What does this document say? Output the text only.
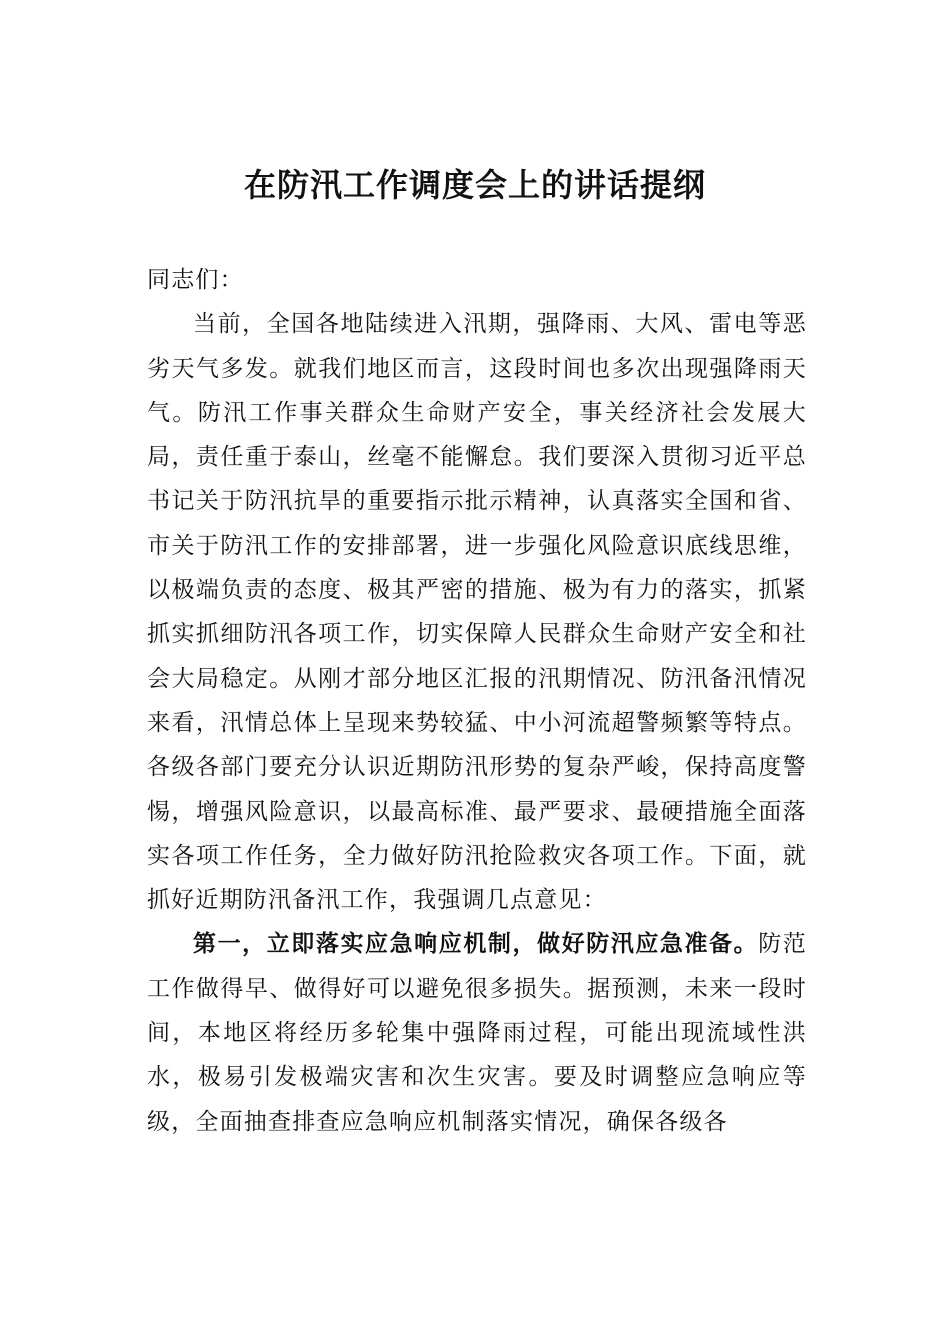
在防汛工作调度会上的讲话提纲

同志们：

当前，全国各地陆续进入汛期，强降雨、大风、雷电等恶劣天气多发。就我们地区而言，这段时间也多次出现强降雨天气。防汛工作事关群众生命财产安全，事关经济社会发展大局，责任重于泰山，丝毫不能懈怠。我们要深入贯彻习近平总书记关于防汛抗旱的重要指示批示精神，认真落实全国和省、市关于防汛工作的安排部署，进一步强化风险意识底线思维，以极端负责的态度、极其严密的措施、极为有力的落实，抓紧抓实抓细防汛各项工作，切实保障人民群众生命财产安全和社会大局稳定。从刚才部分地区汇报的汛期情况、防汛备汛情况来看，汛情总体上呈现来势较猛、中小河流超警频繁等特点。各级各部门要充分认识近期防汛形势的复杂严峻，保持高度警惕，增强风险意识，以最高标准、最严要求、最硬措施全面落实各项工作任务，全力做好防汛抢险救灾各项工作。下面，就抓好近期防汛备汛工作，我强调几点意见：

第一，立即落实应急响应机制，做好防汛应急准备。防范工作做得早、做得好可以避免很多损失。据预测，未来一段时间，本地区将经历多轮集中强降雨过程，可能出现流域性洪水，极易引发极端灾害和次生灾害。要及时调整应急响应等级，全面抽查排查应急响应机制落实情况，确保各级各
